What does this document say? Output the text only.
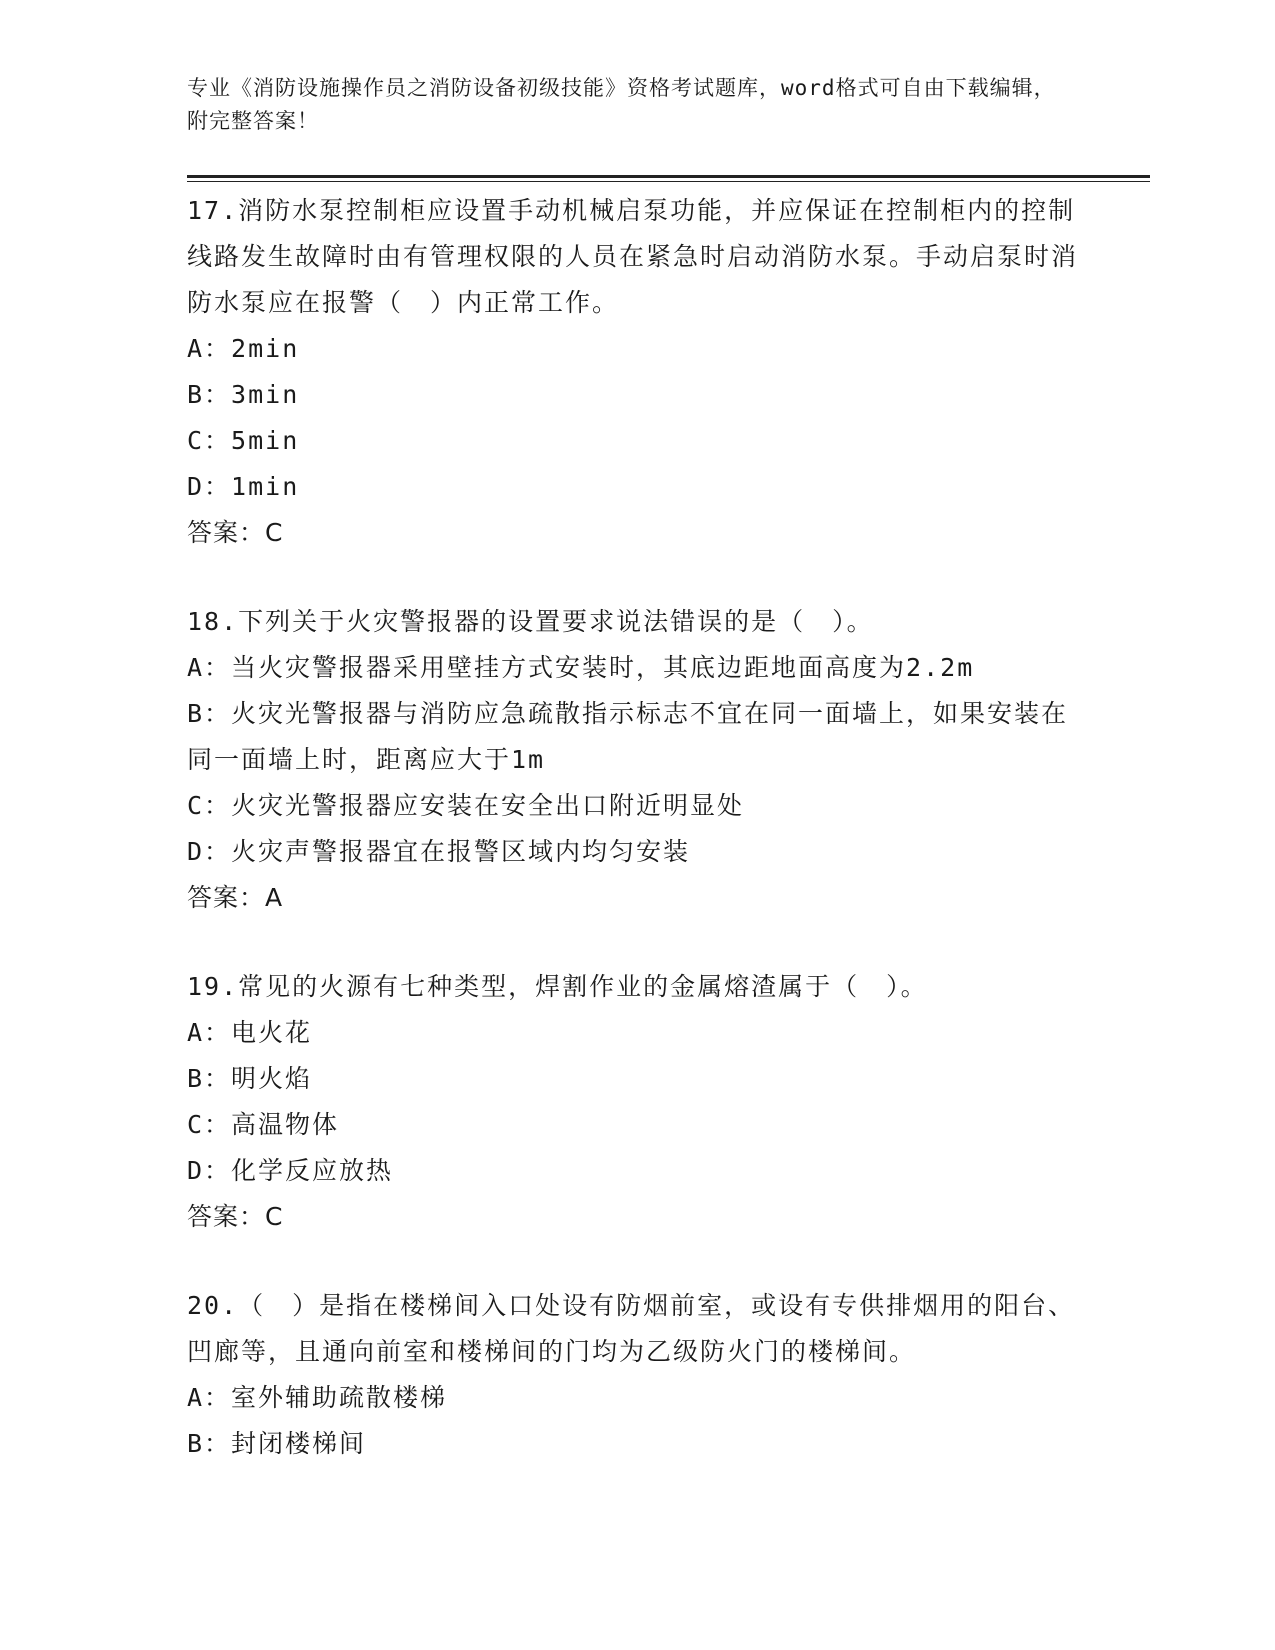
专业《消防设施操作员之消防设备初级技能》资格考试题库，word格式可自由下载编辑，附完整答案！

17.消防水泵控制柜应设置手动机械启泵功能，并应保证在控制柜内的控制线路发生故障时由有管理权限的人员在紧急时启动消防水泵。手动启泵时消防水泵应在报警（　）内正常工作。

A：2min

B：3min

C：5min

D：1min

答案：C

18.下列关于火灾警报器的设置要求说法错误的是（　）。

A：当火灾警报器采用壁挂方式安装时，其底边距地面高度为2.2m

B：火灾光警报器与消防应急疏散指示标志不宜在同一面墙上，如果安装在同一面墙上时，距离应大于1m

C：火灾光警报器应安装在安全出口附近明显处

D：火灾声警报器宜在报警区域内均匀安装

答案：A

19.常见的火源有七种类型，焊割作业的金属熔渣属于（　）。

A：电火花

B：明火焰

C：高温物体

D：化学反应放热

答案：C

20.（　）是指在楼梯间入口处设有防烟前室，或设有专供排烟用的阳台、凹廊等，且通向前室和楼梯间的门均为乙级防火门的楼梯间。

A：室外辅助疏散楼梯

B：封闭楼梯间
